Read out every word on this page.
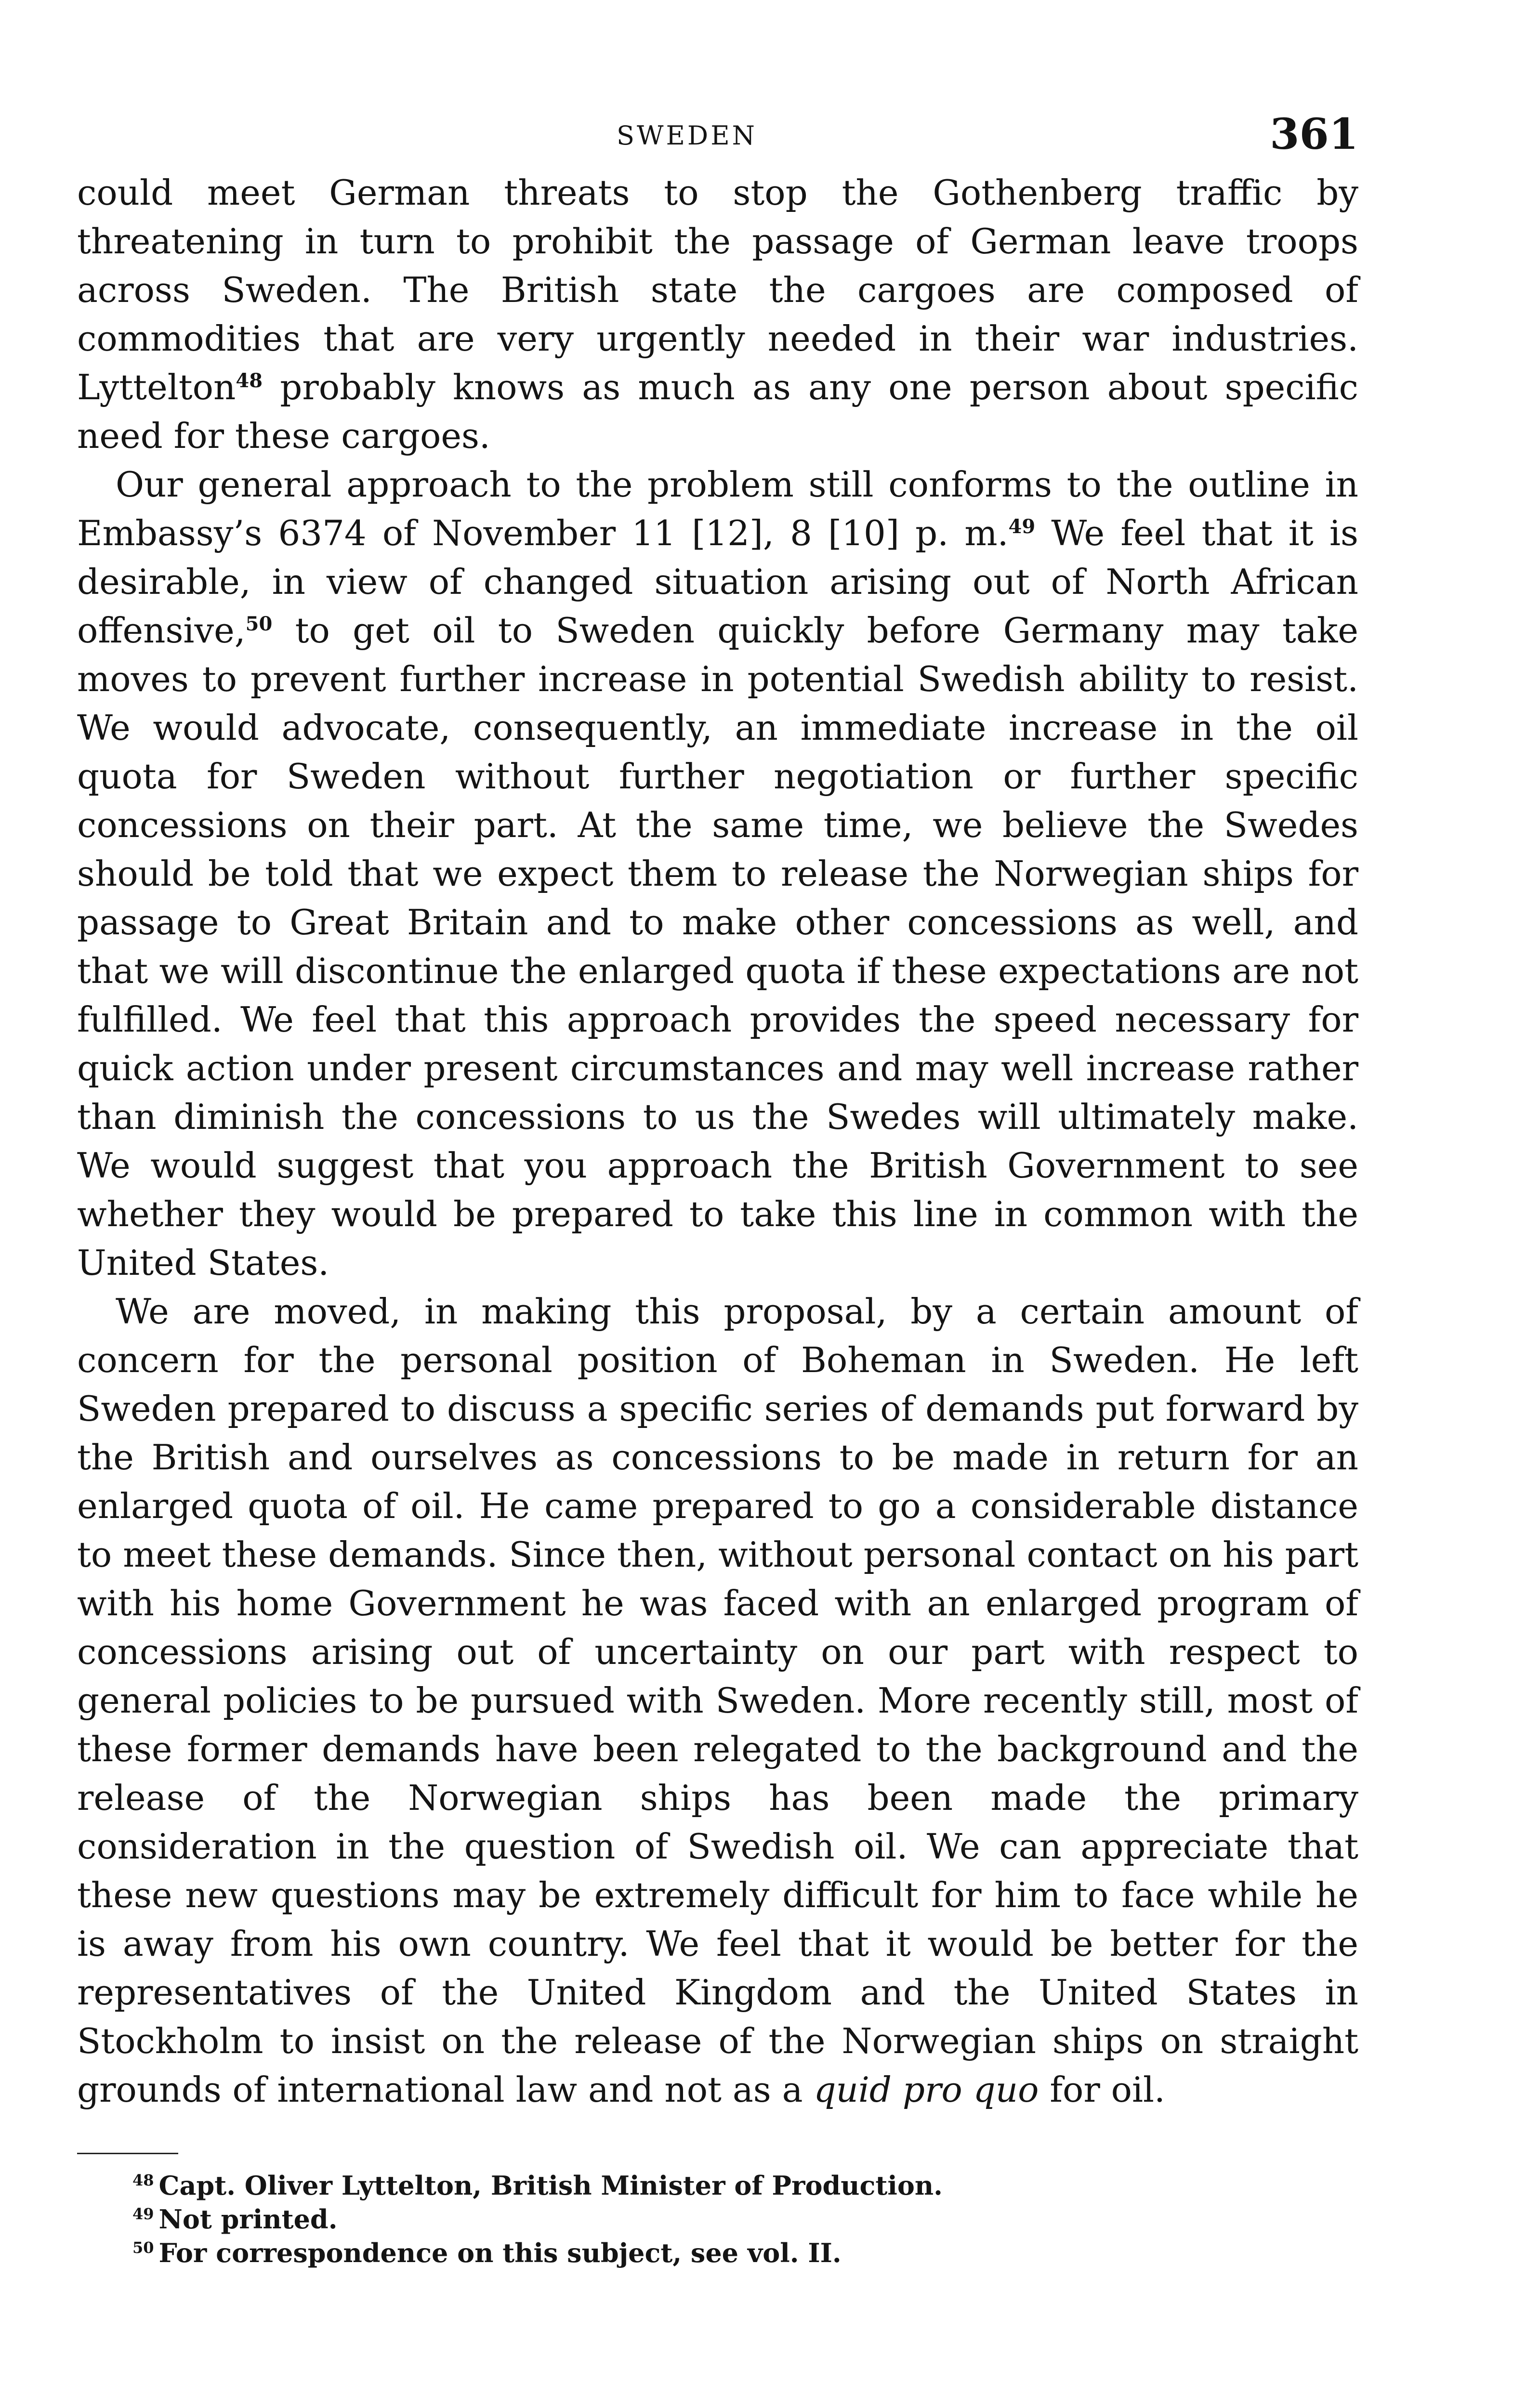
SWEDEN	361

could meet German threats to stop the Gothenberg traffic by threatening in turn to prohibit the passage of German leave troops across Sweden. The British state the cargoes are composed of commodities that are very urgently needed in their war industries. Lyttelton$^{48}$ probably knows as much as any one person about specific need for these cargoes.

Our general approach to the problem still conforms to the outline in Embassy’s 6374 of November 11 [12], 8 [10] p. m.$^{49}$ We feel that it is desirable, in view of changed situation arising out of North African offensive,$^{50}$ to get oil to Sweden quickly before Germany may take moves to prevent further increase in potential Swedish ability to resist. We would advocate, consequently, an immediate increase in the oil quota for Sweden without further negotiation or further specific concessions on their part. At the same time, we believe the Swedes should be told that we expect them to release the Norwegian ships for passage to Great Britain and to make other concessions as well, and that we will discontinue the enlarged quota if these expectations are not fulfilled. We feel that this approach provides the speed necessary for quick action under present circumstances and may well increase rather than diminish the concessions to us the Swedes will ultimately make. We would suggest that you approach the British Government to see whether they would be prepared to take this line in common with the United States.

We are moved, in making this proposal, by a certain amount of concern for the personal position of Boheman in Sweden. He left Sweden prepared to discuss a specific series of demands put forward by the British and ourselves as concessions to be made in return for an enlarged quota of oil. He came prepared to go a considerable distance to meet these demands. Since then, without personal contact on his part with his home Government he was faced with an enlarged program of concessions arising out of uncertainty on our part with respect to general policies to be pursued with Sweden. More recently still, most of these former demands have been relegated to the background and the release of the Norwegian ships has been made the primary consideration in the question of Swedish oil. We can appreciate that these new questions may be extremely difficult for him to face while he is away from his own country. We feel that it would be better for the representatives of the United Kingdom and the United States in Stockholm to insist on the release of the Norwegian ships on straight grounds of international law and not as a quid pro quo for oil.

$^{48}$ Capt. Oliver Lyttelton, British Minister of Production.

$^{49}$ Not printed.

$^{50}$ For correspondence on this subject, see vol. II.
